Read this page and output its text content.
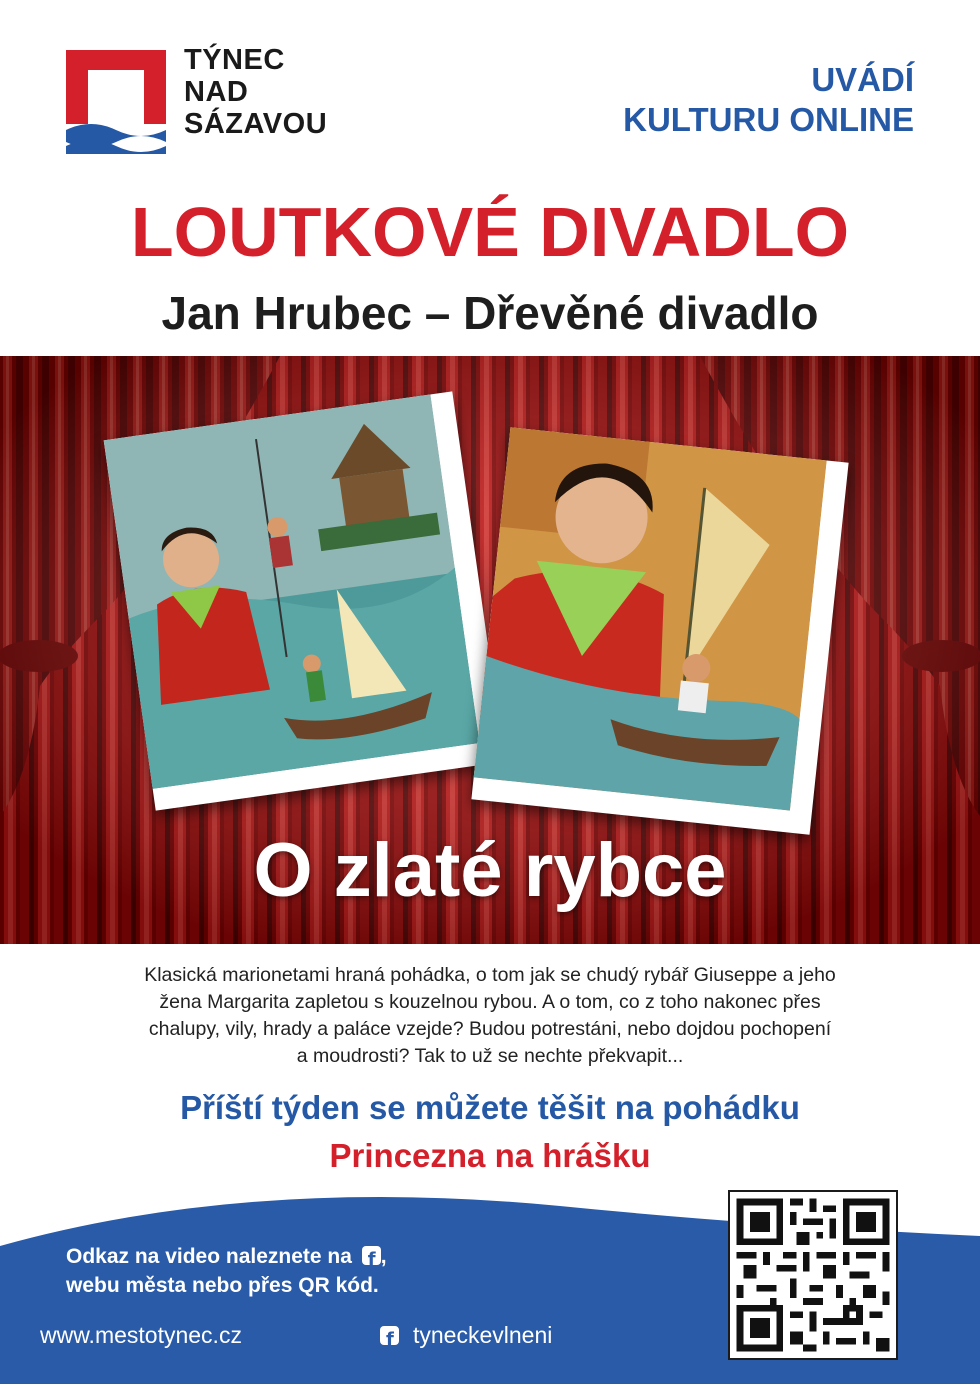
TÝNEC
NAD
SÁZAVOU
UVÁDÍ
KULTURU ONLINE
LOUTKOVÉ DIVADLO
Jan Hrubec – Dřevěné divadlo
O zlaté rybce
Klasická marionetami hraná pohádka, o tom jak se chudý rybář Giuseppe a jeho
žena Margarita zapletou s kouzelnou rybou. A o tom, co z toho nakonec přes
chalupy, vily, hrady a paláce vzejde? Budou potrestáni, nebo dojdou pochopení
a moudrosti? Tak to už se nechte překvapit...
Příští týden se můžete těšit na pohádku
Princezna na hrášku
Odkaz na video naleznete na f ,
webu města nebo přes QR kód.
www.mestotynec.cz f	tyneckevlneni
